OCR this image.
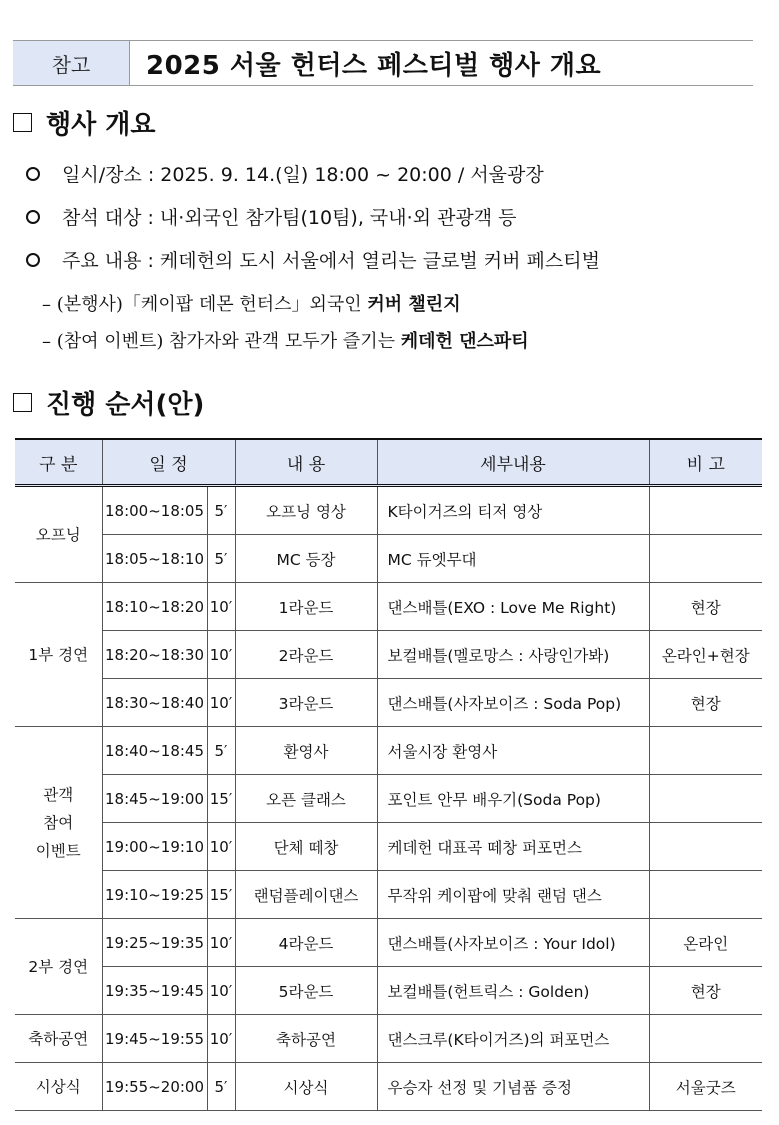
참고	2025 서울 헌터스 페스티벌 행사 개요
행사 개요
일시/장소 : 2025. 9. 14.(일) 18:00 ~ 20:00 / 서울광장
참석 대상 : 내·외국인 참가팀(10팀), 국내·외 관광객 등
주요 내용 : 케데헌의 도시 서울에서 열리는 글로벌 커버 페스티벌
– (본행사)「케이팝 데몬 헌터스」외국인 커버 챌린지
– (참여 이벤트) 참가자와 관객 모두가 즐기는 케데헌 댄스파티
진행 순서(안)
구 분	일 정		내 용	세부내용	비 고
오프닝	18:00~18:05	5′	오프닝 영상	K타이거즈의 티저 영상	
	18:05~18:10	5′	MC 등장	MC 듀엣무대	
1부 경연	18:10~18:20	10′	1라운드	댄스배틀(EXO : Love Me Right)	현장
	18:20~18:30	10′	2라운드	보컬배틀(멜로망스 : 사랑인가봐)	온라인+현장
	18:30~18:40	10′	3라운드	댄스배틀(사자보이즈 : Soda Pop)	현장
관객
참여
이벤트	18:40~18:45	5′	환영사	서울시장 환영사	
	18:45~19:00	15′	오픈 클래스	포인트 안무 배우기(Soda Pop)	
	19:00~19:10	10′	단체 떼창	케데헌 대표곡 떼창 퍼포먼스	
	19:10~19:25	15′	랜덤플레이댄스	무작위 케이팝에 맞춰 랜덤 댄스	
2부 경연	19:25~19:35	10′	4라운드	댄스배틀(사자보이즈 : Your Idol)	온라인
	19:35~19:45	10′	5라운드	보컬배틀(헌트릭스 : Golden)	현장
축하공연	19:45~19:55	10′	축하공연	댄스크루(K타이거즈)의 퍼포먼스	
시상식	19:55~20:00	5′	시상식	우승자 선정 및 기념품 증정	서울굿즈
